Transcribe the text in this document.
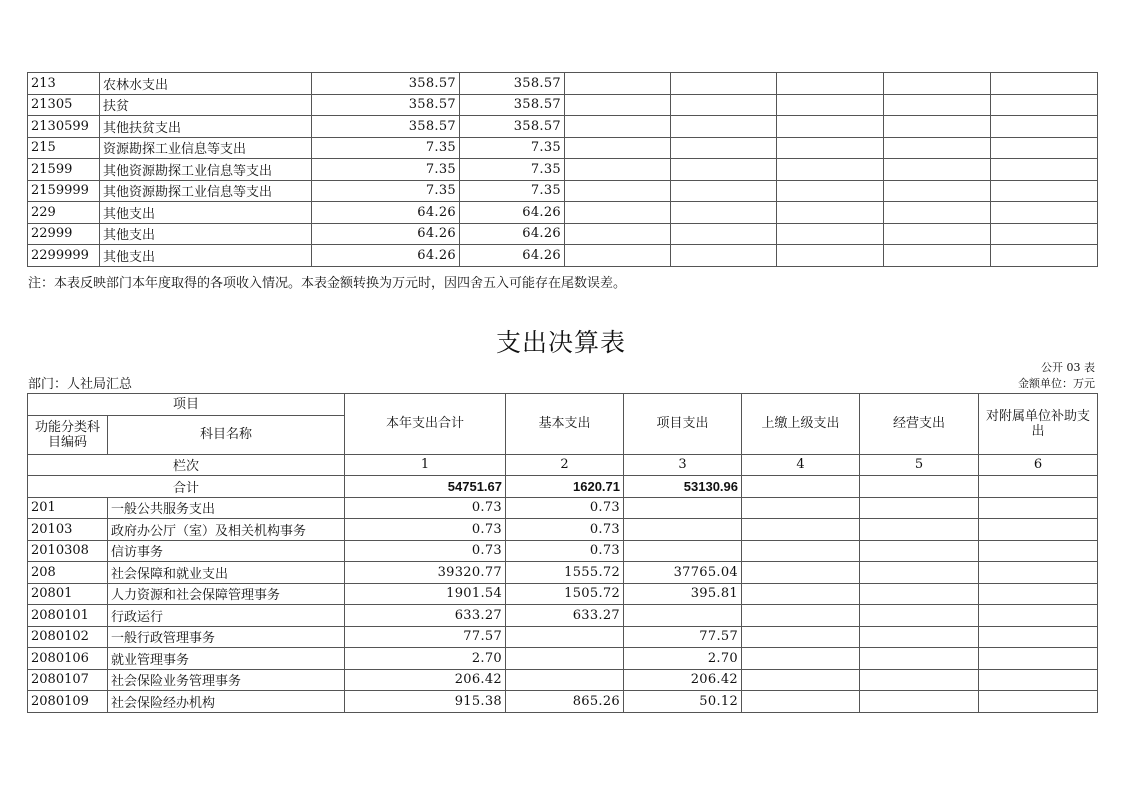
213	农林水支出	358.57	358.57					
21305	扶贫	358.57	358.57					
2130599	其他扶贫支出	358.57	358.57					
215	资源勘探工业信息等支出	7.35	7.35					
21599	其他资源勘探工业信息等支出	7.35	7.35					
2159999	其他资源勘探工业信息等支出	7.35	7.35					
229	其他支出	64.26	64.26					
22999	其他支出	64.26	64.26					
2299999	其他支出	64.26	64.26					
注：本表反映部门本年度取得的各项收入情况。本表金额转换为万元时，因四舍五入可能存在尾数误差。
支出决算表
公开 03 表
金额单位：万元
部门：人社局汇总
项目		本年支出合计	基本支出	项目支出	上缴上级支出	经营支出	对附属单位补助支出
功能分类科目编码	科目名称						
栏次		1	2	3	4	5	6
合计		54751.67	1620.71	53130.96			
201	一般公共服务支出	0.73	0.73				
20103	政府办公厅（室）及相关机构事务	0.73	0.73				
2010308	信访事务	0.73	0.73				
208	社会保障和就业支出	39320.77	1555.72	37765.04			
20801	人力资源和社会保障管理事务	1901.54	1505.72	395.81			
2080101	行政运行	633.27	633.27				
2080102	一般行政管理事务	77.57		77.57			
2080106	就业管理事务	2.70		2.70			
2080107	社会保险业务管理事务	206.42		206.42			
2080109	社会保险经办机构	915.38	865.26	50.12			
